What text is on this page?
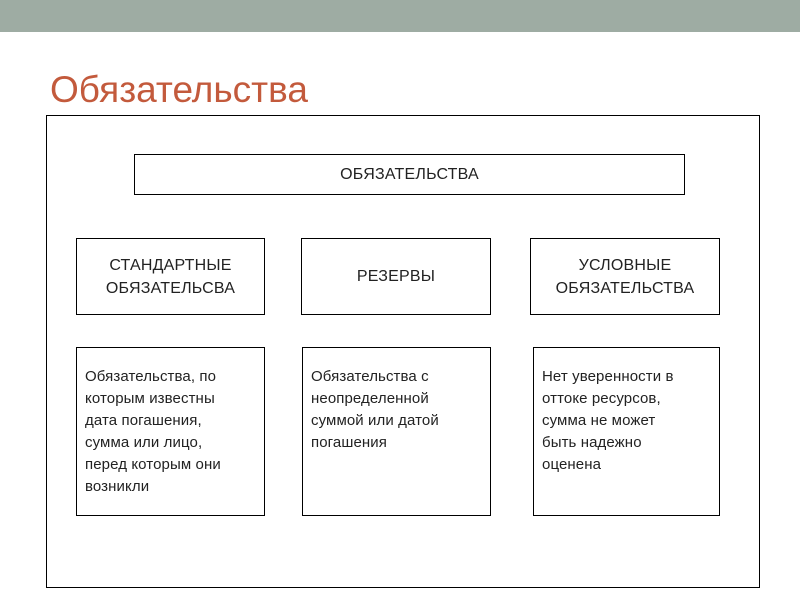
Обязательства
ОБЯЗАТЕЛЬСТВА
СТАНДАРТНЫЕ
ОБЯЗАТЕЛЬСВА
РЕЗЕРВЫ
УСЛОВНЫЕ
ОБЯЗАТЕЛЬСТВА
Обязательства, по
которым известны
дата погашения,
сумма или лицо,
перед которым они
возникли
Обязательства с
неопределенной
суммой или датой
погашения
Нет уверенности в
оттоке ресурсов,
сумма не может
быть надежно
оценена
